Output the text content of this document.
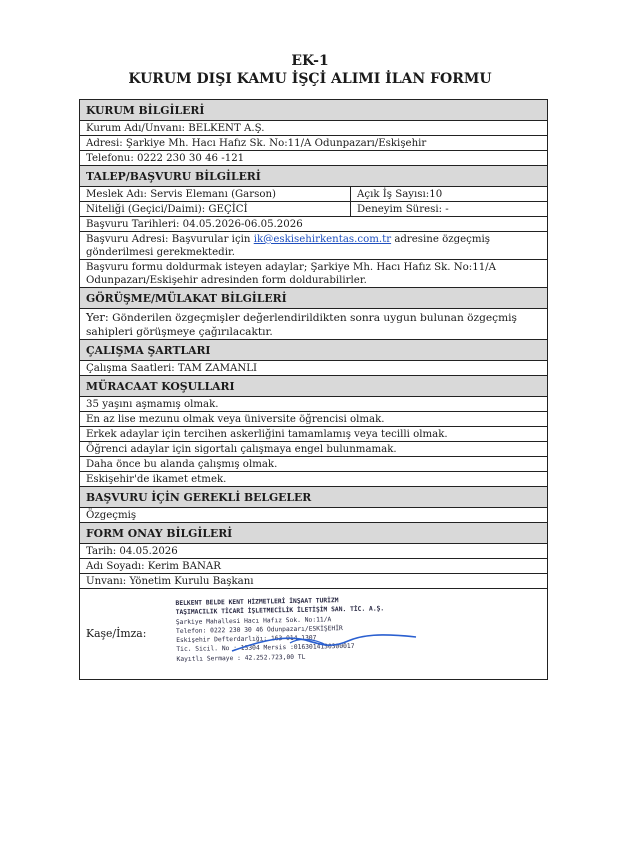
EK-1
KURUM DIŞI KAMU İŞÇİ ALIMI İLAN FORMU
KURUM BİLGİLERİ
Kurum Adı/Unvanı: BELKENT A.Ş.
Adresi: Şarkiye Mh. Hacı Hafız Sk. No:11/A Odunpazarı/Eskişehir
Telefonu: 0222 230 30 46 -121
TALEP/BAŞVURU BİLGİLERİ
Meslek Adı: Servis Elemanı (Garson)	Açık İş Sayısı:10
Niteliği (Geçici/Daimi): GEÇİCİ	Deneyim Süresi: -
Başvuru Tarihleri: 04.05.2026-06.05.2026
Başvuru Adresi: Başvurular için ik@eskisehirkentas.com.tr adresine özgeçmiş gönderilmesi gerekmektedir.
Başvuru formu doldurmak isteyen adaylar; Şarkiye Mh. Hacı Hafız Sk. No:11/A Odunpazarı/Eskişehir adresinden form doldurabilirler.
GÖRÜŞME/MÜLAKAT BİLGİLERİ
Yer: Gönderilen özgeçmişler değerlendirildikten sonra uygun bulunan özgeçmiş sahipleri görüşmeye çağırılacaktır.
ÇALIŞMA ŞARTLARI
Çalışma Saatleri: TAM ZAMANLI
MÜRACAAT KOŞULLARI
35 yaşını aşmamış olmak.
En az lise mezunu olmak veya üniversite öğrencisi olmak.
Erkek adaylar için tercihen askerliğini tamamlamış veya tecilli olmak.
Öğrenci adaylar için sigortalı çalışmaya engel bulunmamak.
Daha önce bu alanda çalışmış olmak.
Eskişehir'de ikamet etmek.
BAŞVURU İÇİN GEREKLİ BELGELER
Özgeçmiş
FORM ONAY BİLGİLERİ
Tarih: 04.05.2026
Adı Soyadı: Kerim BANAR
Unvanı: Yönetim Kurulu Başkanı
Kaşe/İmza:
BELKENT BELDE KENT HİZMETLERİ İNŞAAT TURİZM
TAŞIMACILIK TİCARİ İŞLETMECİLİK İLETİŞİM SAN. TİC. A.Ş.
Şarkiye Mahallesi Hacı Hafız Sok. No:11/A
Telefon: 0222 230 30 46 Odunpazarı/ESKİŞEHİR
Eskişehir Defterdarlığı: 163 014 1307
Tic. Sicil. No : 15304 Mersis :0163014130300017
Kayıtlı Sermaye : 42.252.723,00 TL
